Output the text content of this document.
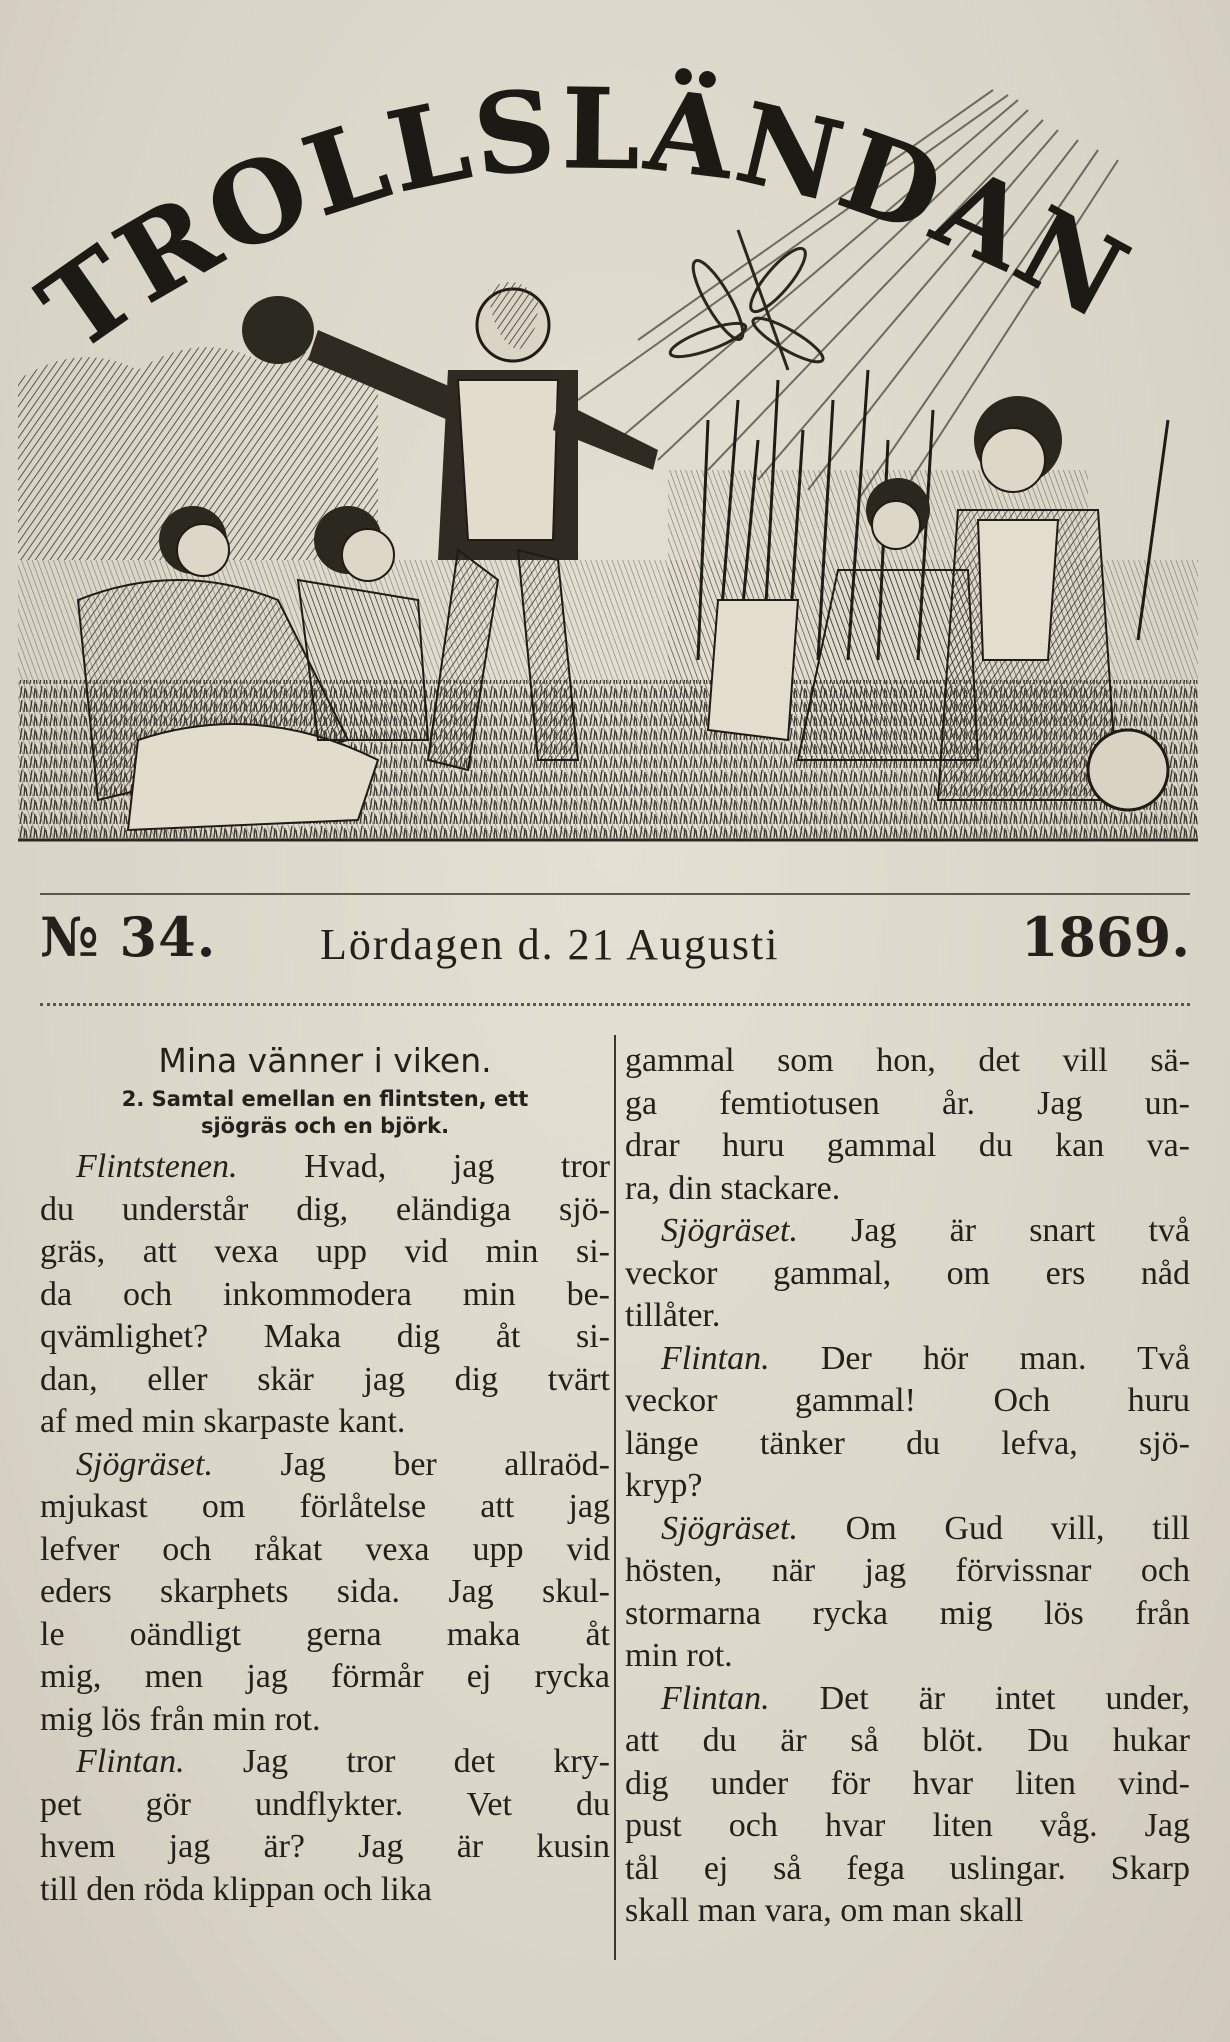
TROLLSLÄNDAN
№ 34. Lördagen d. 21 Augusti	1869.
Mina vänner i viken.
2. Samtal emellan en flintsten, ett
sjögräs och en björk.
Flintstenen. Hvad, jag tror
du understår dig, eländiga sjö-
gräs, att vexa upp vid min si-
da och inkommodera min be-
qvämlighet? Maka dig åt si-
dan, eller skär jag dig tvärt
af med min skarpaste kant.
Sjögräset. Jag ber allraöd-
mjukast om förlåtelse att jag
lefver och råkat vexa upp vid
eders skarphets sida. Jag skul-
le oändligt gerna maka åt
mig, men jag förmår ej rycka
mig lös från min rot.
Flintan. Jag tror det kry-
pet gör undflykter. Vet du
hvem jag är? Jag är kusin
till den röda klippan och lika
gammal som hon, det vill sä-
ga femtiotusen år. Jag un-
drar huru gammal du kan va-
ra, din stackare.
Sjögräset. Jag är snart två
veckor gammal, om ers nåd
tillåter.
Flintan. Der hör man. Två
veckor gammal! Och huru
länge tänker du lefva, sjö-
kryp?
Sjögräset. Om Gud vill, till
hösten, när jag förvissnar och
stormarna rycka mig lös från
min rot.
Flintan. Det är intet under,
att du är så blöt. Du hukar
dig under för hvar liten vind-
pust och hvar liten våg. Jag
tål ej så fega uslingar. Skarp
skall man vara, om man skall
